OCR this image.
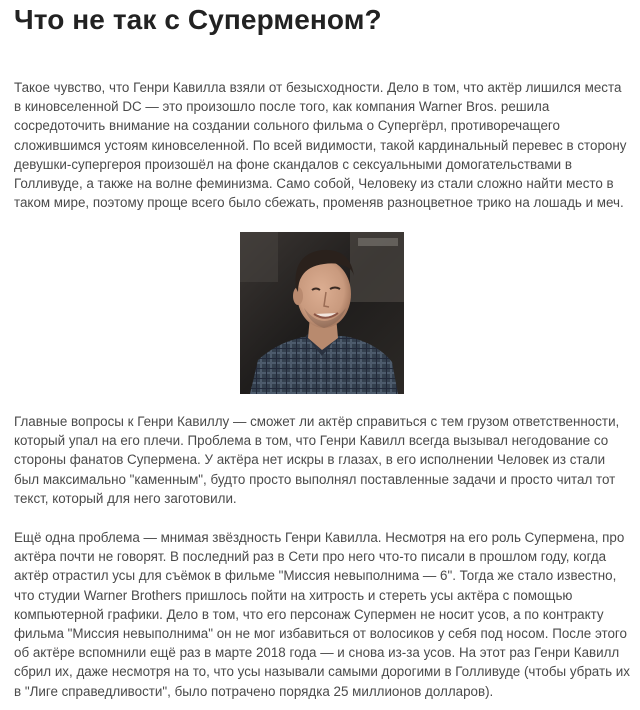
Что не так с Суперменом?

Такое чувство, что Генри Кавилла взяли от безысходности. Дело в том, что актёр лишился места в киновселенной DC — это произошло после того, как компания Warner Bros. решила сосредоточить внимание на создании сольного фильма о Супергёрл, противоречащего сложившимся устоям киновселенной. По всей видимости, такой кардинальный перевес в сторону девушки-супергероя произошёл на фоне скандалов с сексуальными домогательствами в Голливуде, а также на волне феминизма. Само собой, Человеку из стали сложно найти место в таком мире, поэтому проще всего было сбежать, променяв разноцветное трико на лошадь и меч.

Главные вопросы к Генри Кавиллу — сможет ли актёр справиться с тем грузом ответственности, который упал на его плечи. Проблема в том, что Генри Кавилл всегда вызывал негодование со стороны фанатов Супермена. У актёра нет искры в глазах, в его исполнении Человек из стали был максимально "каменным", будто просто выполнял поставленные задачи и просто читал тот текст, который для него заготовили.

Ещё одна проблема — мнимая звёздность Генри Кавилла. Несмотря на его роль Супермена, про актёра почти не говорят. В последний раз в Сети про него что-то писали в прошлом году, когда актёр отрастил усы для съёмок в фильме "Миссия невыполнима — 6". Тогда же стало известно, что студии Warner Brothers пришлось пойти на хитрость и стереть усы актёра с помощью компьютерной графики. Дело в том, что его персонаж Супермен не носит усов, а по контракту фильма "Миссия невыполнима" он не мог избавиться от волосиков у себя под носом. После этого об актёре вспомнили ещё раз в марте 2018 года — и снова из-за усов. На этот раз Генри Кавилл сбрил их, даже несмотря на то, что усы называли самыми дорогими в Голливуде (чтобы убрать их в "Лиге справедливости", было потрачено порядка 25 миллионов долларов).
